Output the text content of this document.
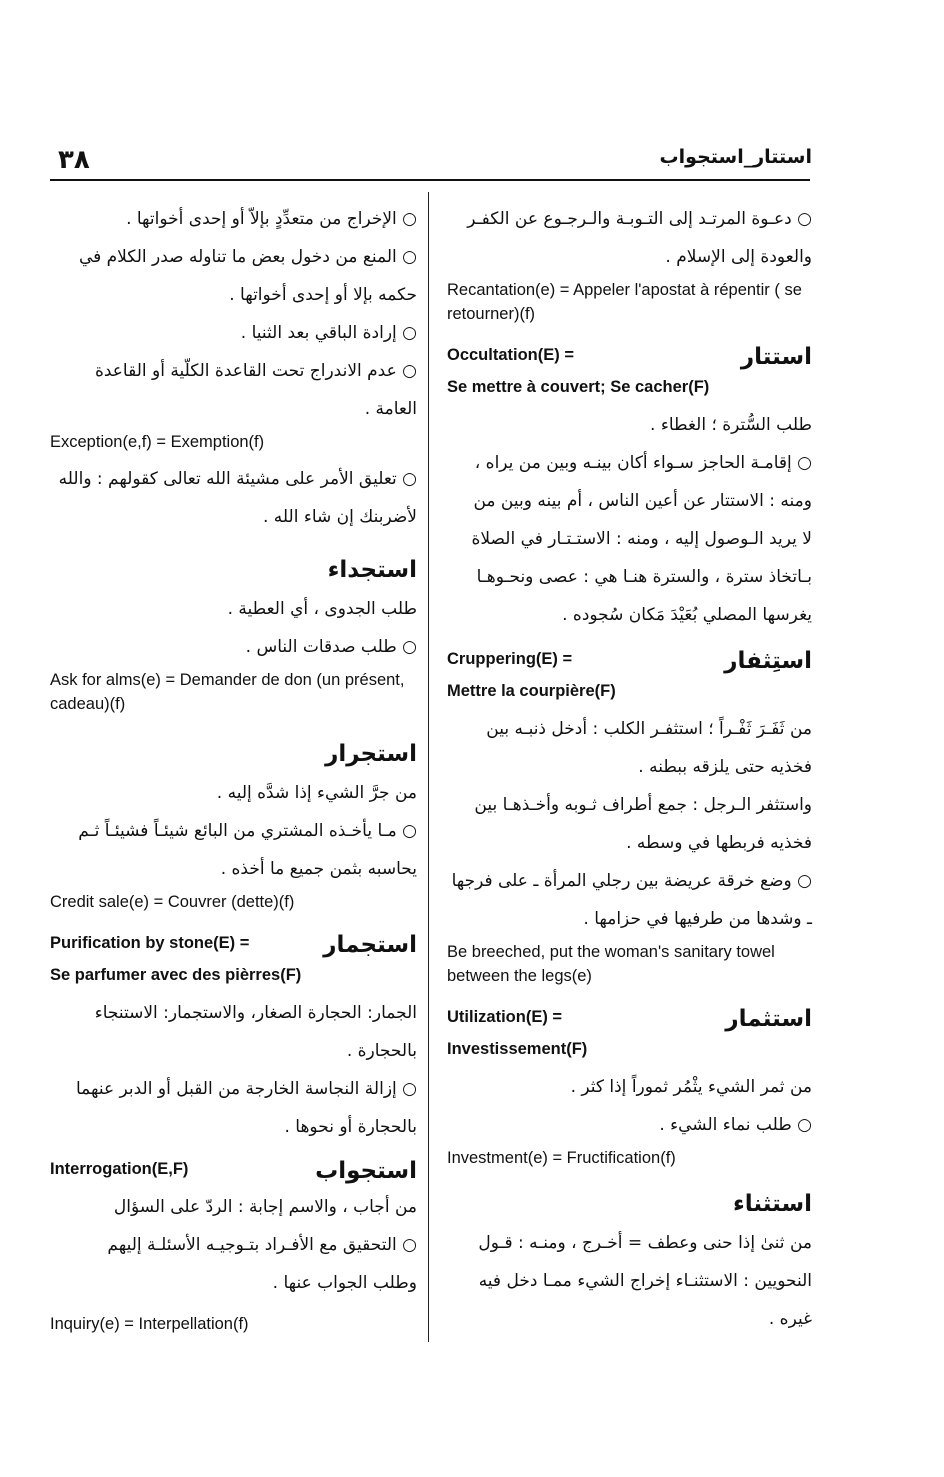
٣٨	استتار_استجواب

○ دعـوة المرتـد إلى التـوبـة والـرجـوع عن الكفـر

والعودة إلى الإسلام .

Recantation(e) = Appeler l'apostat à répentir ( se retourner)(f)

Occultation(E) =	استتار
Se mettre à couvert; Se cacher(F)

طلب السُّترة ؛ الغطاء .

○ إقامـة الحاجز سـواء أكان بينـه وبين من يراه ،

ومنه : الاستتار عن أعين الناس ، أم بينه وبين من

لا يريد الـوصول إليه ، ومنه : الاستـتـار في الصلاة

بـاتخاذ سترة ، والسترة هنـا هي : عصى ونحـوهـا

يغرسها المصلي بُعَيْدَ مَكان سُجوده .

Cruppering(E) =	استِثفار
Mettre la courpière(F)

من ثَفَـرَ ثَفْـراً ؛ استثفـر الكلب : أدخل ذنبـه بين

فخذيه حتى يلزقه ببطنه .

واستثفر الـرجل : جمع أطراف ثـوبه وأخـذهـا بين

فخذيه فربطها في وسطه .

○ وضع خرقة عريضة بين رجلي المرأة ـ على فرجها

ـ وشدها من طرفيها في حزامها .

Be breeched, put the woman's sanitary towel between the legs(e)

Utilization(E) =	استثمار
Investissement(F)

من ثمر الشيء يثْمُر ثموراً إذا كثر .

○ طلب نماء الشيء .

Investment(e) = Fructification(f)

استثناء

من ثنىٰ إذا حنى وعطف = أخـرج ، ومنـه : قـول

النحويين : الاستثنـاء إخراج الشيء ممـا دخل فيه

غيره .

○ الإخراج من متعدِّدٍ بإلاّ أو إحدى أخواتها .

○ المنع من دخول بعض ما تناوله صدر الكلام في

حكمه بإلا أو إحدى أخواتها .

○ إرادة الباقي بعد الثنيا .

○ عدم الاندراج تحت القاعدة الكلّية أو القاعدة

العامة .

Exception(e,f) = Exemption(f)

○ تعليق الأمر على مشيئة الله تعالى كقولهم : والله

لأضربنك إن شاء الله .

استجداء

طلب الجدوى ، أي العطية .

○ طلب صدقات الناس .

Ask for alms(e) = Demander de don (un présent, cadeau)(f)

استجرار

من جرَّ الشيء إذا شدَّه إليه .

○ مـا يأخـذه المشتري من البائع شيئـاً فشيئـاً ثـم

يحاسبه بثمن جميع ما أخذه .

Credit sale(e) = Couvrer (dette)(f)

Purification by stone(E) =	استجمار
Se parfumer avec des pièrres(F)

الجمار: الحجارة الصغار، والاستجمار: الاستنجاء

بالحجارة .

○ إزالة النجاسة الخارجة من القبل أو الدبر عنهما

بالحجارة أو نحوها .

Interrogation(E,F)	استجواب

من أجاب ، والاسم إجابة : الردّ على السؤال

○ التحقيق مع الأفـراد بتـوجيـه الأسئلـة إليهم

وطلب الجواب عنها .

Inquiry(e) = Interpellation(f)
